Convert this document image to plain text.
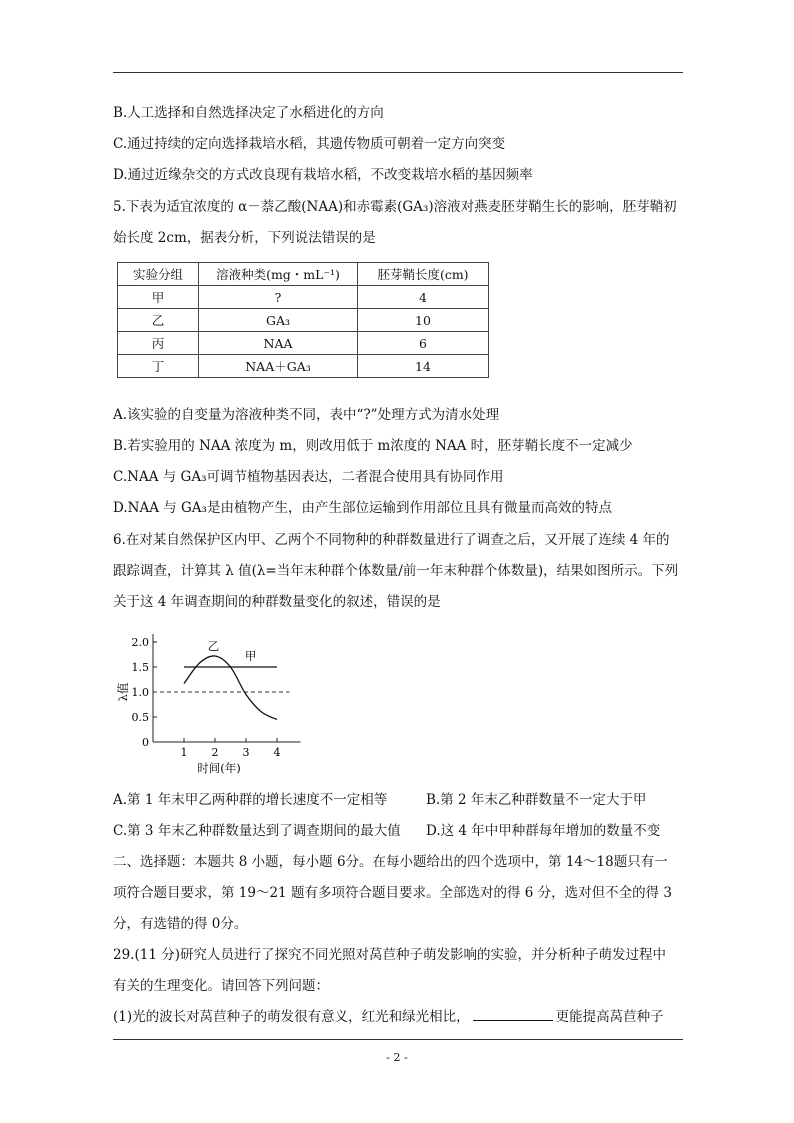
B.人工选择和自然选择决定了水稻进化的方向
C.通过持续的定向选择栽培水稻，其遗传物质可朝着一定方向突变
D.通过近缘杂交的方式改良现有栽培水稻，不改变栽培水稻的基因频率
5.下表为适宜浓度的 α－萘乙酸(NAA)和赤霉素(GA₃)溶液对燕麦胚芽鞘生长的影响，胚芽鞘初
始长度 2cm，据表分析，下列说法错误的是
实验分组	溶液种类(mg・mL⁻¹)	胚芽鞘长度(cm)
甲	?	4
乙	GA₃	10
丙	NAA	6
丁	NAA＋GA₃	14
A.该实验的自变量为溶液种类不同，表中“?”处理方式为清水处理
B.若实验用的 NAA 浓度为 m，则改用低于 m浓度的 NAA 时，胚芽鞘长度不一定减少
C.NAA 与 GA₃可调节植物基因表达，二者混合使用具有协同作用
D.NAA 与 GA₃是由植物产生，由产生部位运输到作用部位且具有微量而高效的特点
6.在对某自然保护区内甲、乙两个不同物种的种群数量进行了调查之后，又开展了连续 4 年的
跟踪调查，计算其 λ 值(λ=当年末种群个体数量/前一年末种群个体数量)，结果如图所示。下列
关于这 4 年调查期间的种群数量变化的叙述，错误的是
0
0.5
1.0
1.5
2.0
1 2 3 4
时间(年)
λ值
甲
乙
A.第 1 年末甲乙两种群的增长速度不一定相等	B.第 2 年末乙种群数量不一定大于甲
C.第 3 年末乙种群数量达到了调查期间的最大值	D.这 4 年中甲种群每年增加的数量不变
二、选择题：本题共 8 小题，每小题 6分。在每小题给出的四个选项中，第 14～18题只有一
项符合题目要求，第 19～21 题有多项符合题目要求。全部选对的得 6 分，选对但不全的得 3
分，有选错的得 0分。
29.(11 分)研究人员进行了探究不同光照对莴苣种子萌发影响的实验，并分析种子萌发过程中
有关的生理变化。请回答下列问题：
(1)光的波长对莴苣种子的萌发很有意义，红光和绿光相比，	更能提高莴苣种子
- 2 -
